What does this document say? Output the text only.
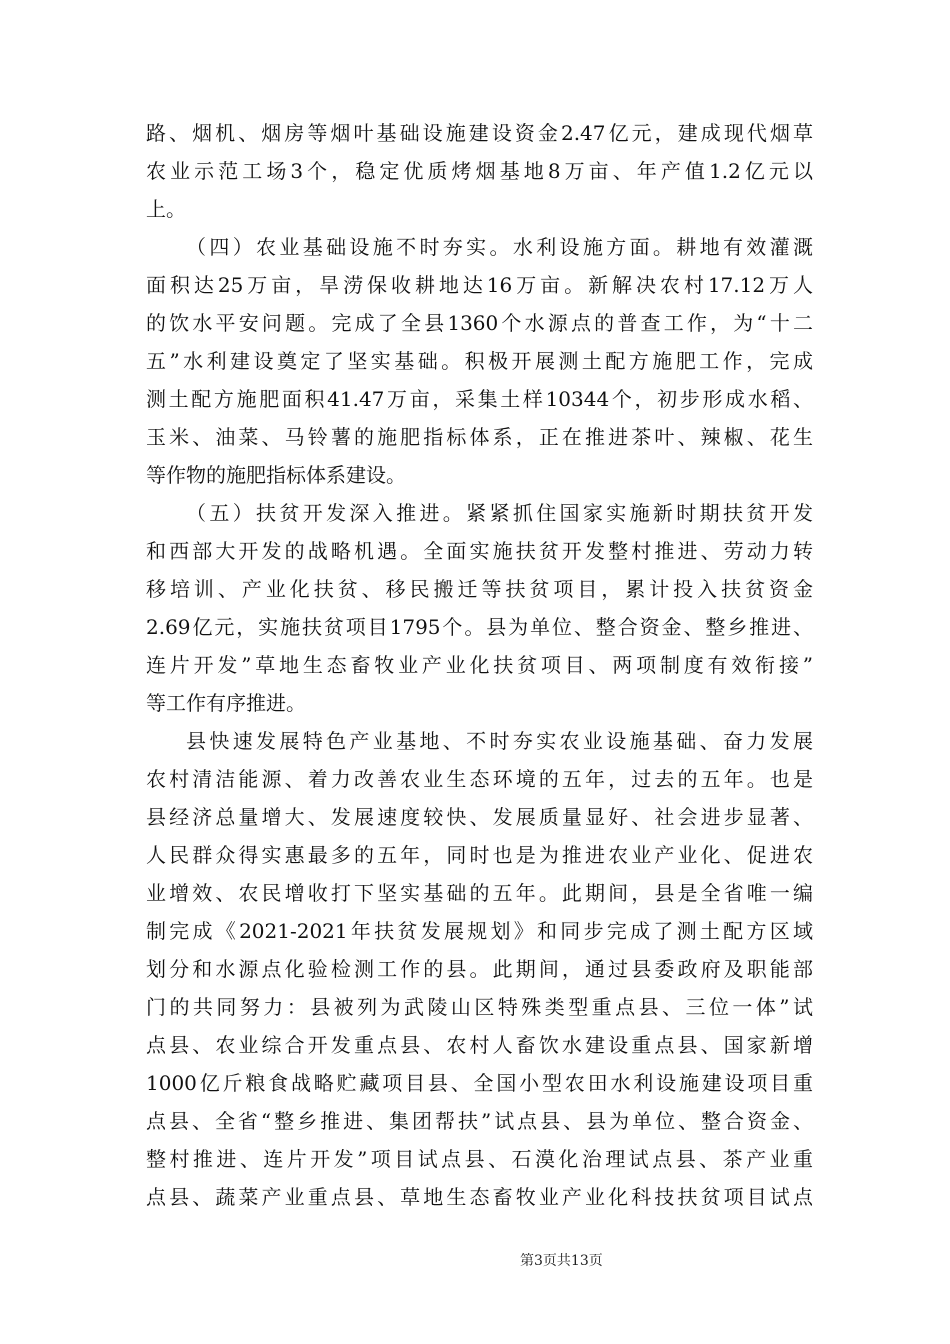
路、烟机、烟房等烟叶基础设施建设资金2.47亿元，建成现代烟草
农业示范工场3个，稳定优质烤烟基地8万亩、年产值1.2亿元以
上。
（四）农业基础设施不时夯实。水利设施方面。耕地有效灌溉
面积达25万亩，旱涝保收耕地达16万亩。新解决农村17.12万人
的饮水平安问题。完成了全县1360个水源点的普查工作，为“十二
五”水利建设奠定了坚实基础。积极开展测土配方施肥工作，完成
测土配方施肥面积41.47万亩，采集土样10344个，初步形成水稻、
玉米、油菜、马铃薯的施肥指标体系，正在推进茶叶、辣椒、花生
等作物的施肥指标体系建设。
（五）扶贫开发深入推进。紧紧抓住国家实施新时期扶贫开发
和西部大开发的战略机遇。全面实施扶贫开发整村推进、劳动力转
移培训、产业化扶贫、移民搬迁等扶贫项目，累计投入扶贫资金
2.69亿元，实施扶贫项目1795个。县为单位、整合资金、整乡推进、
连片开发”草地生态畜牧业产业化扶贫项目、两项制度有效衔接”
等工作有序推进。
县快速发展特色产业基地、不时夯实农业设施基础、奋力发展
农村清洁能源、着力改善农业生态环境的五年，过去的五年。也是
县经济总量增大、发展速度较快、发展质量显好、社会进步显著、
人民群众得实惠最多的五年，同时也是为推进农业产业化、促进农
业增效、农民增收打下坚实基础的五年。此期间，县是全省唯一编
制完成《2021-2021年扶贫发展规划》和同步完成了测土配方区域
划分和水源点化验检测工作的县。此期间，通过县委政府及职能部
门的共同努力：县被列为武陵山区特殊类型重点县、三位一体”试
点县、农业综合开发重点县、农村人畜饮水建设重点县、国家新增
1000亿斤粮食战略贮藏项目县、全国小型农田水利设施建设项目重
点县、全省“整乡推进、集团帮扶”试点县、县为单位、整合资金、
整村推进、连片开发”项目试点县、石漠化治理试点县、茶产业重
点县、蔬菜产业重点县、草地生态畜牧业产业化科技扶贫项目试点
第3页共13页
